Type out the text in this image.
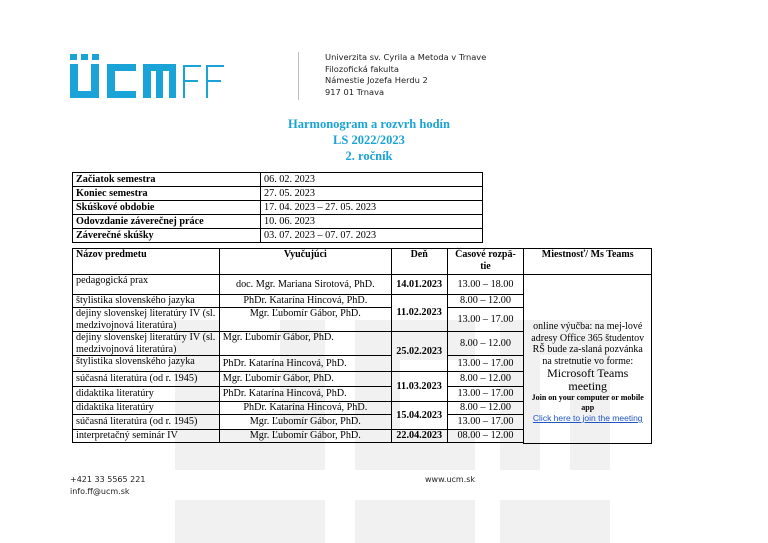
Univerzita sv. Cyrila a Metoda v Trnave
Filozofická fakulta
Námestie Jozefa Herdu 2
917 01 Trnava
Harmonogram a rozvrh hodín
LS 2022/2023
2. ročník
Začiatok semestra	06. 02. 2023
Koniec semestra	27. 05. 2023
Skúškové obdobie	17. 04. 2023 – 27. 05. 2023
Odovzdanie záverečnej práce	10. 06. 2023
Záverečné skúšky	03. 07. 2023 – 07. 07. 2023
Názov predmetu	Vyučujúci	Deň	Časové rozpä-tie	Miestnosť/ Ms Teams
pedagogická prax	doc. Mgr. Mariana Sirotová, PhD.	14.01.2023	13.00 – 18.00	online výučba: na mej-lové adresy Office 365 študentov RŠ bude za-slaná pozvánka na stretnutie vo forme:
Microsoft Teams meeting
Join on your computer or mobile app
Click here to join the meeting

štylistika slovenského jazyka	PhDr. Katarína Hincová, PhD.	11.02.2023	8.00 – 12.00	
dejiny slovenskej literatúry IV (sl. medzivojnová literatúra)	Mgr. Ľubomír Gábor, PhD.		13.00 – 17.00	
dejiny slovenskej literatúry IV (sl. medzivojnová literatúra)	Mgr. Ľubomír Gábor, PhD.	25.02.2023	8.00 – 12.00	
štylistika slovenského jazyka	PhDr. Katarína Hincová, PhD.		13.00 – 17.00	
súčasná literatúra (od r. 1945)	Mgr. Ľubomír Gábor, PhD.	11.03.2023	8.00 – 12.00	
didaktika literatúry	PhDr. Katarína Hincová, PhD.		13.00 – 17.00	
didaktika literatúry	PhDr. Katarína Hincová, PhD.	15.04.2023	8.00 – 12.00	
súčasná literatúra (od r. 1945)	Mgr. Ľubomír Gábor, PhD.		13.00 – 17.00	
interpretačný seminár IV	Mgr. Ľubomír Gábor, PhD.	22.04.2023	08.00 – 12.00	

+421 33 5565 221
info.ff@ucm.sk
www.ucm.sk
